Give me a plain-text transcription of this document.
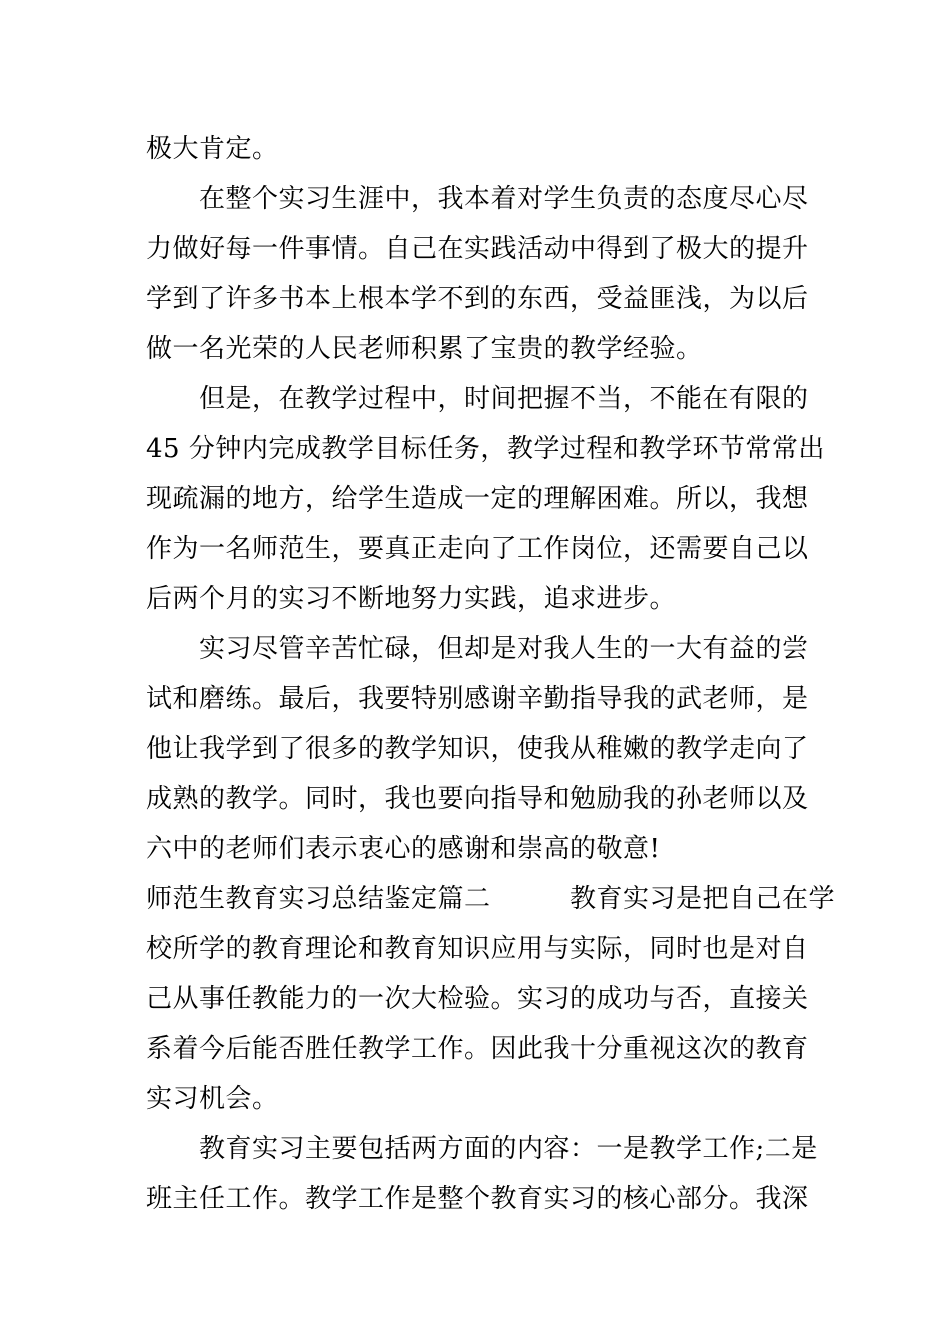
极大肯定。
　　在整个实习生涯中，我本着对学生负责的态度尽心尽
力做好每一件事情。自己在实践活动中得到了极大的提升
学到了许多书本上根本学不到的东西，受益匪浅，为以后
做一名光荣的人民老师积累了宝贵的教学经验。
　　但是，在教学过程中，时间把握不当，不能在有限的
45 分钟内完成教学目标任务，教学过程和教学环节常常出
现疏漏的地方，给学生造成一定的理解困难。所以，我想
作为一名师范生，要真正走向了工作岗位，还需要自己以
后两个月的实习不断地努力实践，追求进步。
　　实习尽管辛苦忙碌，但却是对我人生的一大有益的尝
试和磨练。最后，我要特别感谢辛勤指导我的武老师，是
他让我学到了很多的教学知识，使我从稚嫩的教学走向了
成熟的教学。同时，我也要向指导和勉励我的孙老师以及
六中的老师们表示衷心的感谢和崇高的敬意!
师范生教育实习总结鉴定篇二　　　教育实习是把自己在学
校所学的教育理论和教育知识应用与实际，同时也是对自
己从事任教能力的一次大检验。实习的成功与否，直接关
系着今后能否胜任教学工作。因此我十分重视这次的教育
实习机会。
　　教育实习主要包括两方面的内容：一是教学工作;二是
班主任工作。教学工作是整个教育实习的核心部分。我深
